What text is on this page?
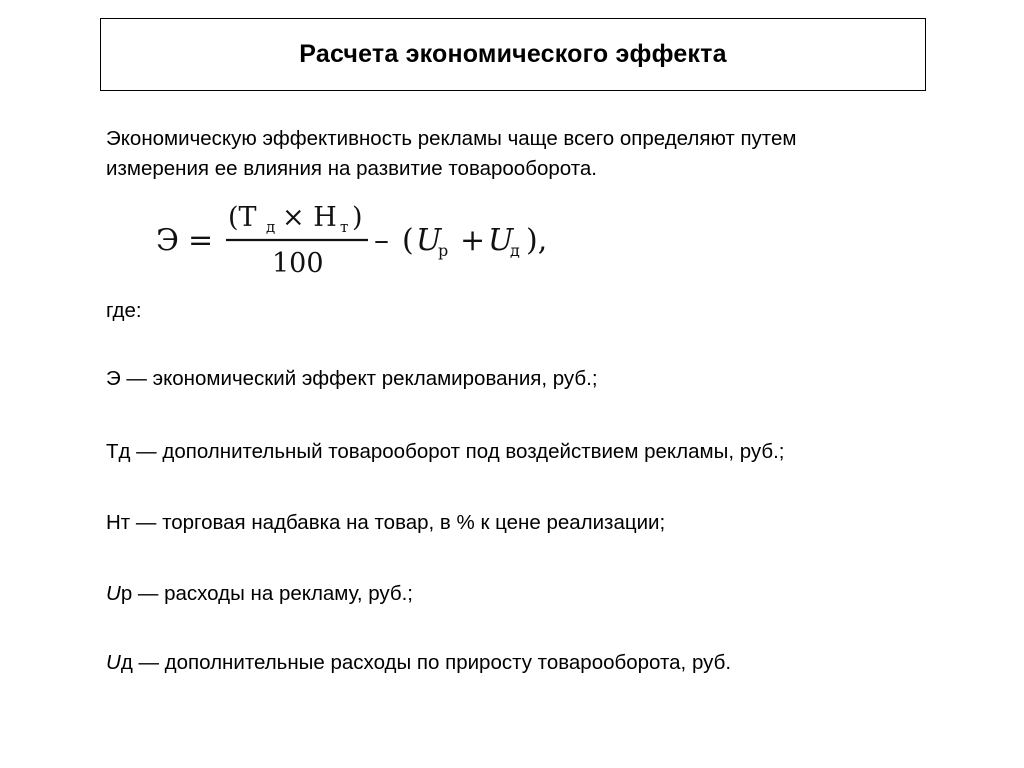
Расчета экономического эффекта
Экономическую эффективность рекламы чаще всего определяют путем
измерения ее влияния на развитие товарооборота.
Э =
(Т д × Н т )
100
– ( U
р + U
д ),
где:
Э — экономический эффект рекламирования, руб.;
Тд — дополнительный товарооборот под воздействием рекламы, руб.;
Нт — торговая надбавка на товар, в % к цене реализации;
Uр — расходы на рекламу, руб.;
Uд — дополнительные расходы по приросту товарооборота, руб.
